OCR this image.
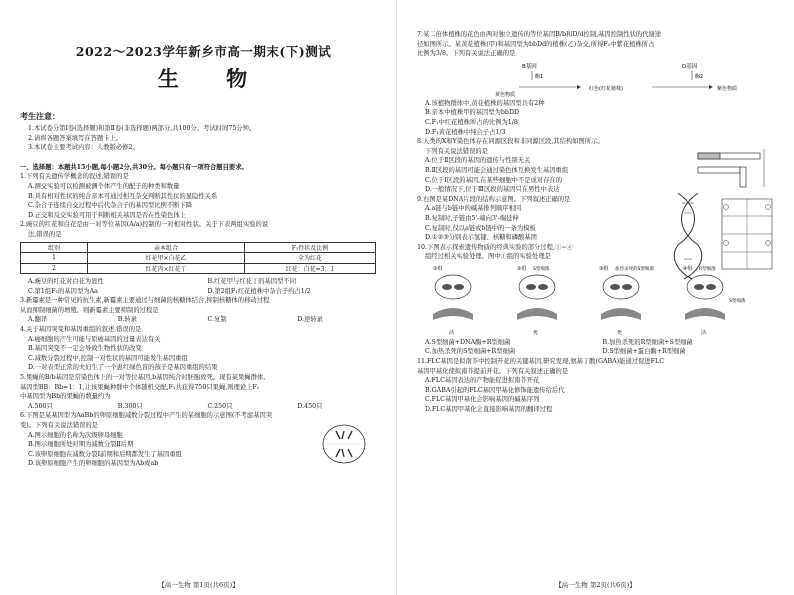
2022～2023学年新乡市高一期末(下)测试
生 物
考生注意：
1.本试卷分第Ⅰ卷(选择题)和第Ⅱ卷(非选择题)两部分,共100分。考试时间75分钟。
2.请将各题答案填写在答题卡上。
3.本试卷主要考试内容：人教版必修2。
一、选择题：本题共15小题,每小题2分,共30分。每小题只有一项符合题目要求。
1.下列有关遗传学概念的叙述,错误的是
A.测交实验可以检测被测个体产生的配子的种类和数量
B.具有相对性状的纯合亲本可通过相互杂交判断其性状的显隐性关系
C.杂合子连续自交过程中后代杂合子的基因型比例不断下降
D.正交和反交实验可用于判断相关基因是否在性染色体上
2.豌豆的红花和白花是由一对等位基因(A/a)控制的一对相对性状。关于下表两组实验的说
法,错误的是
组别	亲本组合	F₁性状及比例
1	红花甲×白花乙	全为红花
2	红花丙×红花丁	红花：白花=3：1
A.豌豆的红花对白花为显性	B.红花甲与红花丁的基因型不同
C.第1组F₁的基因型为Aa	D.第2组F₁红花植株中杂合子约占1/2
3.新霉素是一种常见的抗生素,新霉素主要通过与细菌的核糖体结合,抑制核糖体的移动过程
从而抑制细菌的增殖。则新霉素主要抑制的过程是
A.翻译	B.转录	C.复制	D.逆转录
4.关于基因突变和基因重组的叙述,错误的是
A.癌细胞的产生可能与原癌基因的过量表达有关
B.基因突变不一定会导致生物性状的改变
C.减数分裂过程中,控制一对性状的基因可能发生基因重组
D.一对表型正常的夫妇生了一个患红绿色盲的孩子是基因重组的结果
5.果蝇的B/b基因是常染色体上的一对等位基因,b基因纯合时胚胎致死。现有某果蝇群体,
基因型BB：Bb=1：1,让该果蝇种群中个体随机交配,F₁共获得750只果蝇,则理论上F₁
中基因型为Bb的果蝇的数量约为
A.500只	B.300只	C.250只	D.450只
6.下图是某基因型为AaBb的卵原细胞减数分裂过程中产生的某细胞的示意图(不考虑基因突
变)。下列有关说法错误的是
A.图示细胞的名称为次级卵母细胞
B.图示细胞所处时期为减数分裂Ⅱ后期
C.该卵原细胞在减数分裂Ⅰ前期和后期都发生了基因重组
D.该卵原细胞产生的卵细胞的基因型为Ab或ab
【高一生物 第1页(共6页)】
7.某二倍体植株的花色由两对独立遗传的等位基因B/b和D/d控制,基因控制性状的代谢途
径如图所示。某黄花植株(甲)和基因型为bbDd的植株(乙)杂交,所得F₁中紫花植株所占
比例为3/8。下列有关说法正确的是
B基因	D基因
酶1	酶2
黄色物质
红色(红花植株)	紫色物质
A.该植物群体中,黄花植株的基因型共有2种
B.亲本中植株甲的基因型为bbDD
C.F₁中红花植株所占的比例为1/8
D.F₁黄花植株中纯合子占1/3
8.人类的X和Y染色体存在同源区段和非同源区段,其结构如图所示。
下列有关说法错误的是
A.位于Ⅱ区段的基因的遗传与性别无关
B.Ⅱ区段的基因可能会通过染色体互换发生基因重组
C.位于Ⅰ区段的基因,在某些细胞中不是成对存在的
D.一般情况下,位于Ⅲ区段的基因只在男性中表达
9.右图是某DNA片段的结构示意图。下列叙述正确的是
A.a链与b链中的碱基排列顺序相同
B.复制时,子链由5'-端向3'-端延伸
C.复制时,仅以a链或b链中的一条为模板
D.①②③分别表示氢键、核糖和磷酸基团
10.下图表示探索遗传物质的经典实验的部分过程,①~④
组经过相关实验处理。图中①组的实验处理是
①组
活
②组 S型细菌
死
③组 加热杀死的S型细菌
死
④组 R型细菌
活
S型细菌
A.S型细菌+DNA酶+R型细菌	B.加热杀死的R型细菌+S型细菌
C.加热杀死的S型细菌+R型细菌	D.S型细菌+蛋白酶+R型细菌
11.FLC基因是拟南芥中控制开花的关键基因,研究发现,氨基丁酸(GABA)能通过促进FLC
基因甲基化使拟南芥提前开花。下列有关叙述正确的是
A.FLC基因表达的产物能促进拟南芥开花
B.GABA引起的FLC基因甲基化修饰能遗传给后代
C.FLC基因甲基化会影响基因的碱基序列
D.FLC基因甲基化会直接影响基因的翻译过程
【高一生物 第2页(共6页)】
